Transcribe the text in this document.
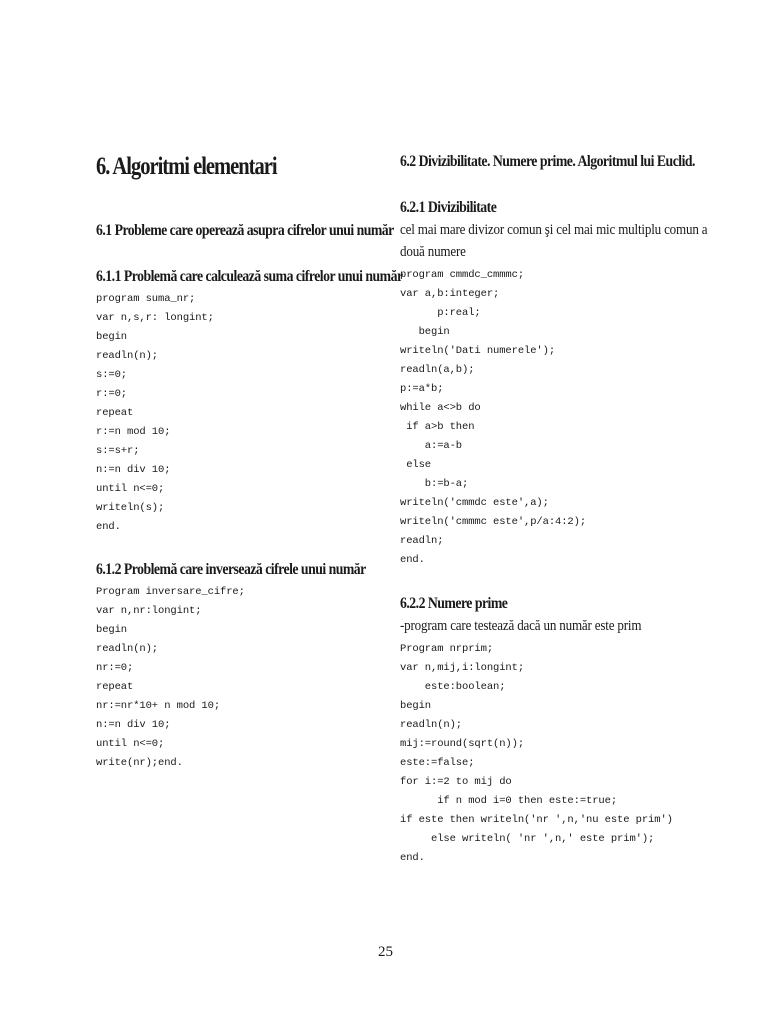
6. Algoritmi elementari
6.1 Probleme care operează asupra cifrelor unui număr
6.1.1 Problemă care calculează suma cifrelor unui număr
program suma_nr;
var n,s,r: longint;
begin
readln(n);
s:=0;
r:=0;
repeat
r:=n mod 10;
s:=s+r;
n:=n div 10;
until n<=0;
writeln(s);
end.
6.1.2 Problemă care inversează cifrele unui număr
Program inversare_cifre;
var n,nr:longint;
begin
readln(n);
nr:=0;
repeat
nr:=nr*10+ n mod 10;
n:=n div 10;
until n<=0;
write(nr);end.
6.2 Divizibilitate. Numere prime. Algoritmul lui Euclid.
6.2.1 Divizibilitate
cel mai mare divizor comun şi cel mai mic multiplu comun a
două numere
program cmmdc_cmmmc;
var a,b:integer;
p:real;
begin
writeln('Dati numerele');
readln(a,b);
p:=a*b;
while a<>b do
if a>b then
a:=a-b
else
b:=b-a;
writeln('cmmdc este',a);
writeln('cmmmc este',p/a:4:2);
readln;
end.
6.2.2 Numere prime
-program care testează dacă un număr este prim
Program nrprim;
var n,mij,i:longint;
este:boolean;
begin
readln(n);
mij:=round(sqrt(n));
este:=false;
for i:=2 to mij do
if n mod i=0 then este:=true;
if este then writeln('nr ',n,'nu este prim')
else writeln( 'nr ',n,' este prim');
end.
25
